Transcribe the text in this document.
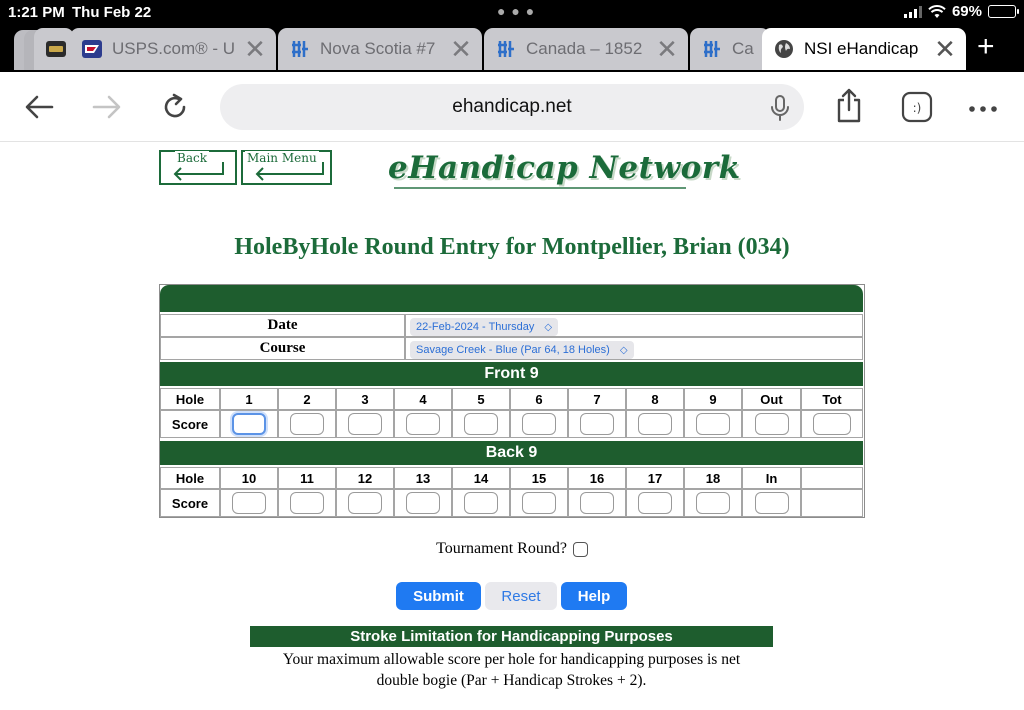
1:21 PM Thu Feb 22	● ● ●	69%
USPS.com® - U ✕	Nova Scotia #7 ✕	Canada – 1852 ✕	Ca	NSI eHandicap ✕ +
ehandicap.net	:)
Back	Main Menu eHandicap Network
HoleByHole Round Entry for Montpellier, Brian (034)
Date	22-Feb-2024 - Thursday ◇
Course	Savage Creek - Blue (Par 64, 18 Holes) ◇
Front 9
Hole	1	2	3	4	5	6	7	8	9	Out	Tot
Score
Back 9
Hole	10	11	12	13	14	15	16	17	18	In
Score
Tournament Round?
Submit	Reset	Help
Stroke Limitation for Handicapping Purposes
Your maximum allowable score per hole for handicapping purposes is net
double bogie (Par + Handicap Strokes + 2).
